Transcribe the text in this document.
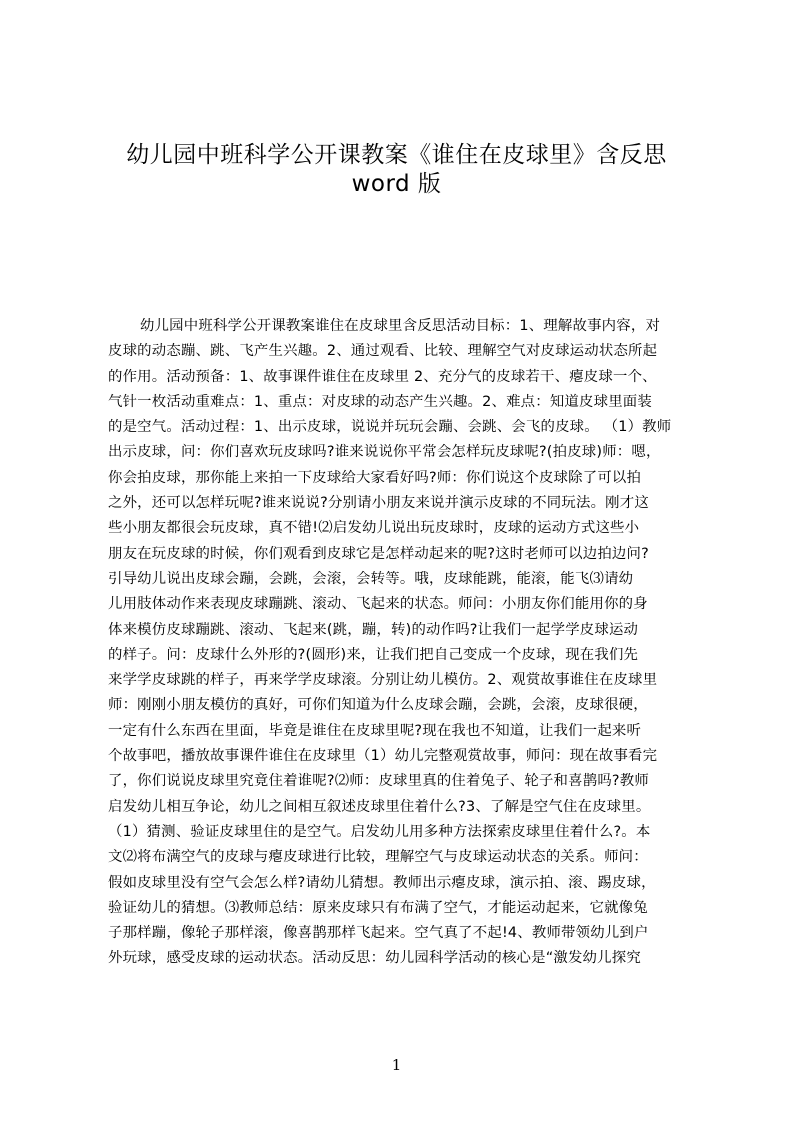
幼儿园中班科学公开课教案《谁住在皮球里》含反思
word 版
幼儿园中班科学公开课教案谁住在皮球里含反思活动目标：1、理解故事内容，对
皮球的动态蹦、跳、飞产生兴趣。2、通过观看、比较、理解空气对皮球运动状态所起
的作用。活动预备：1、故事课件谁住在皮球里 2、充分气的皮球若干、瘪皮球一个、
气针一枚活动重难点：1、重点：对皮球的动态产生兴趣。2、难点：知道皮球里面装
的是空气。活动过程：1、出示皮球，说说并玩玩会蹦、会跳、会飞的皮球。 （1）教师
出示皮球，问：你们喜欢玩皮球吗?谁来说说你平常会怎样玩皮球呢?(拍皮球)师：嗯，
你会拍皮球，那你能上来拍一下皮球给大家看好吗?师：你们说这个皮球除了可以拍
之外，还可以怎样玩呢?谁来说说?分别请小朋友来说并演示皮球的不同玩法。刚才这
些小朋友都很会玩皮球，真不错!⑵启发幼儿说出玩皮球时，皮球的运动方式这些小
朋友在玩皮球的时候，你们观看到皮球它是怎样动起来的呢?这时老师可以边拍边问?
引导幼儿说出皮球会蹦，会跳，会滚，会转等。哦，皮球能跳，能滚，能飞⑶请幼
儿用肢体动作来表现皮球蹦跳、滚动、飞起来的状态。师问：小朋友你们能用你的身
体来模仿皮球蹦跳、滚动、飞起来(跳，蹦，转)的动作吗?让我们一起学学皮球运动
的样子。问：皮球什么外形的?(圆形)来，让我们把自己变成一个皮球，现在我们先
来学学皮球跳的样子，再来学学皮球滚。分别让幼儿模仿。2、观赏故事谁住在皮球里
师：刚刚小朋友模仿的真好，可你们知道为什么皮球会蹦，会跳，会滚，皮球很硬，
一定有什么东西在里面，毕竟是谁住在皮球里呢?现在我也不知道，让我们一起来听
个故事吧，播放故事课件谁住在皮球里（1）幼儿完整观赏故事，师问：现在故事看完
了，你们说说皮球里究竟住着谁呢?⑵师：皮球里真的住着兔子、轮子和喜鹊吗?教师
启发幼儿相互争论，幼儿之间相互叙述皮球里住着什么?3、了解是空气住在皮球里。
（1）猜测、验证皮球里住的是空气。启发幼儿用多种方法探索皮球里住着什么?。本
文⑵将布满空气的皮球与瘪皮球进行比较，理解空气与皮球运动状态的关系。师问：
假如皮球里没有空气会怎么样?请幼儿猜想。教师出示瘪皮球，演示拍、滚、踢皮球，
验证幼儿的猜想。⑶教师总结：原来皮球只有布满了空气，才能运动起来，它就像兔
子那样蹦，像轮子那样滚，像喜鹊那样飞起来。空气真了不起!4、教师带领幼儿到户
外玩球，感受皮球的运动状态。活动反思：幼儿园科学活动的核心是“激发幼儿探究
1
